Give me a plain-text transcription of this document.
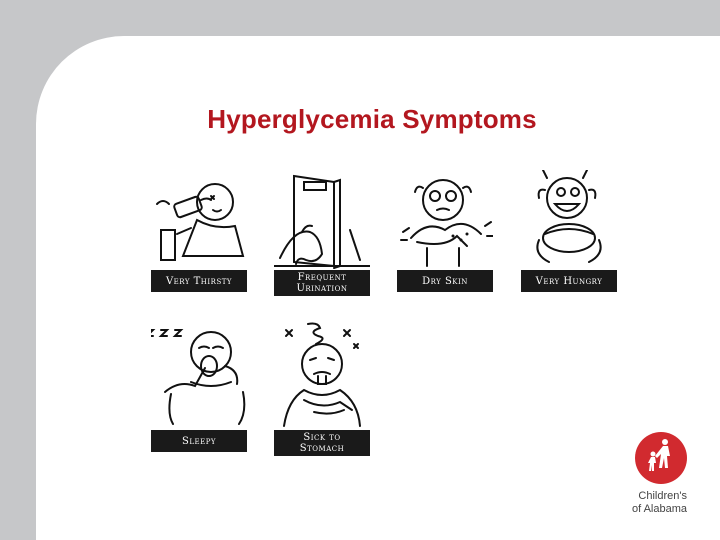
Hyperglycemia Symptoms
Very Thirsty	Frequent
Urination
Dry Skin	Very Hungry
Sleepy	Sick to
Stomach
Children's
of Alabama
